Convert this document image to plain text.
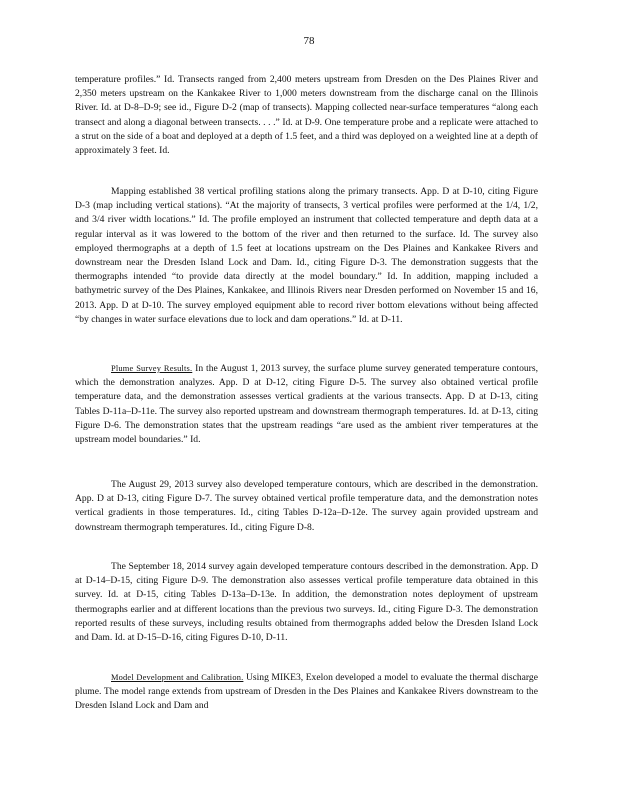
78

temperature profiles.” Id. Transects ranged from 2,400 meters upstream from Dresden on the Des Plaines River and 2,350 meters upstream on the Kankakee River to 1,000 meters downstream from the discharge canal on the Illinois River. Id. at D-8–D-9; see id., Figure D-2 (map of transects). Mapping collected near-surface temperatures “along each transect and along a diagonal between transects. . . .” Id. at D-9. One temperature probe and a replicate were attached to a strut on the side of a boat and deployed at a depth of 1.5 feet, and a third was deployed on a weighted line at a depth of approximately 3 feet. Id.

Mapping established 38 vertical profiling stations along the primary transects. App. D at D-10, citing Figure D-3 (map including vertical stations). “At the majority of transects, 3 vertical profiles were performed at the 1/4, 1/2, and 3/4 river width locations.” Id. The profile employed an instrument that collected temperature and depth data at a regular interval as it was lowered to the bottom of the river and then returned to the surface. Id. The survey also employed thermographs at a depth of 1.5 feet at locations upstream on the Des Plaines and Kankakee Rivers and downstream near the Dresden Island Lock and Dam. Id., citing Figure D-3. The demonstration suggests that the thermographs intended “to provide data directly at the model boundary.” Id. In addition, mapping included a bathymetric survey of the Des Plaines, Kankakee, and Illinois Rivers near Dresden performed on November 15 and 16, 2013. App. D at D-10. The survey employed equipment able to record river bottom elevations without being affected “by changes in water surface elevations due to lock and dam operations.” Id. at D-11.

Plume Survey Results. In the August 1, 2013 survey, the surface plume survey generated temperature contours, which the demonstration analyzes. App. D at D-12, citing Figure D-5. The survey also obtained vertical profile temperature data, and the demonstration assesses vertical gradients at the various transects. App. D at D-13, citing Tables D-11a–D-11e. The survey also reported upstream and downstream thermograph temperatures. Id. at D-13, citing Figure D-6. The demonstration states that the upstream readings “are used as the ambient river temperatures at the upstream model boundaries.” Id.

The August 29, 2013 survey also developed temperature contours, which are described in the demonstration. App. D at D-13, citing Figure D-7. The survey obtained vertical profile temperature data, and the demonstration notes vertical gradients in those temperatures. Id., citing Tables D-12a–D-12e. The survey again provided upstream and downstream thermograph temperatures. Id., citing Figure D-8.

The September 18, 2014 survey again developed temperature contours described in the demonstration. App. D at D-14–D-15, citing Figure D-9. The demonstration also assesses vertical profile temperature data obtained in this survey. Id. at D-15, citing Tables D-13a–D-13e. In addition, the demonstration notes deployment of upstream thermographs earlier and at different locations than the previous two surveys. Id., citing Figure D-3. The demonstration reported results of these surveys, including results obtained from thermographs added below the Dresden Island Lock and Dam. Id. at D-15–D-16, citing Figures D-10, D-11.

Model Development and Calibration. Using MIKE3, Exelon developed a model to evaluate the thermal discharge plume. The model range extends from upstream of Dresden in the Des Plaines and Kankakee Rivers downstream to the Dresden Island Lock and Dam and
